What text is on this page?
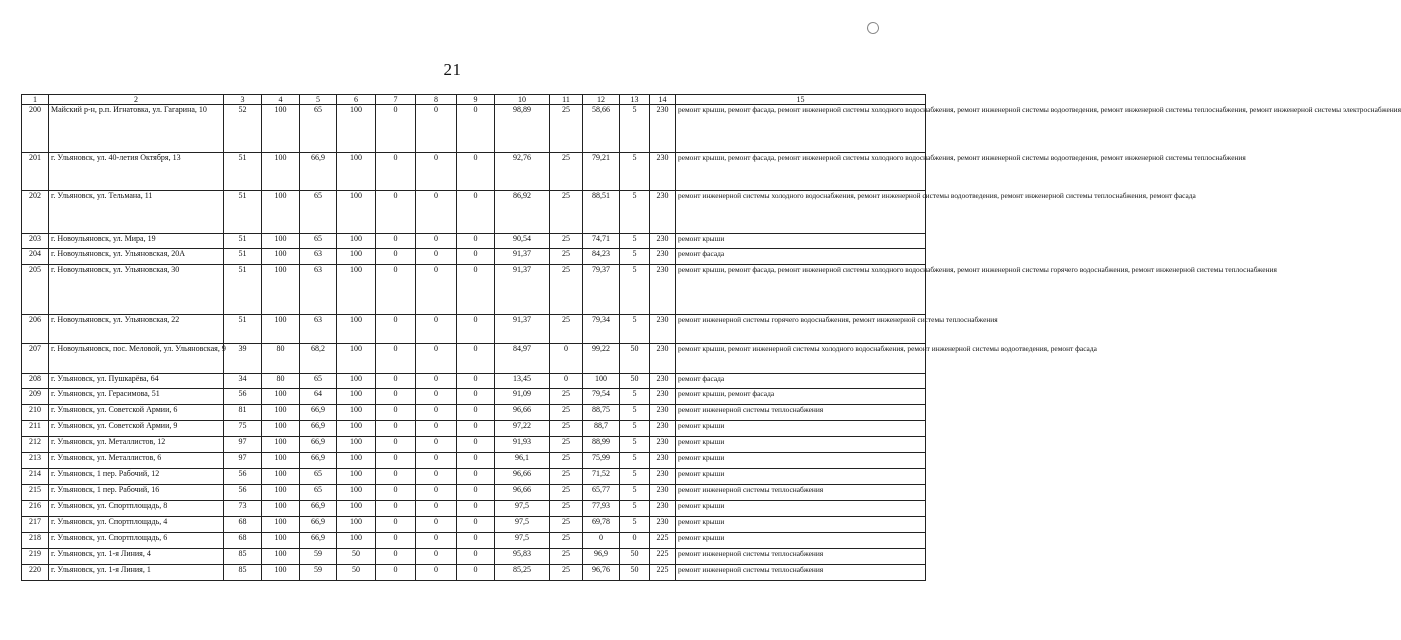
21
1	2	3	4	5	6	7	8	9	10	11	12	13	14	15
200	Майский р-н, р.п. Игнатовка, ул. Гагарина, 10	52	100	65	100	0	0	0	98,89	25	58,66	5	230	ремонт крыши, ремонт фасада, ремонт инженерной системы холодного водоснабжения, ремонт инженерной системы водоотведения, ремонт инженерной системы теплоснабжения, ремонт инженерной системы электроснабжения
201	г. Ульяновск, ул. 40-летия Октября, 13	51	100	66,9	100	0	0	0	92,76	25	79,21	5	230	ремонт крыши, ремонт фасада, ремонт инженерной системы холодного водоснабжения, ремонт инженерной системы водоотведения, ремонт инженерной системы теплоснабжения
202	г. Ульяновск, ул. Тельмана, 11	51	100	65	100	0	0	0	86,92	25	88,51	5	230	ремонт инженерной системы холодного водоснабжения, ремонт инженерной системы водоотведения, ремонт инженерной системы теплоснабжения, ремонт фасада
203	г. Новоульяновск, ул. Мира, 19	51	100	65	100	0	0	0	90,54	25	74,71	5	230	ремонт крыши
204	г. Новоульяновск, ул. Ульяновская, 20А	51	100	63	100	0	0	0	91,37	25	84,23	5	230	ремонт фасада
205	г. Новоульяновск, ул. Ульяновская, 30	51	100	63	100	0	0	0	91,37	25	79,37	5	230	ремонт крыши, ремонт фасада, ремонт инженерной системы холодного водоснабжения, ремонт инженерной системы горячего водоснабжения, ремонт инженерной системы теплоснабжения
206	г. Новоульяновск, ул. Ульяновская, 22	51	100	63	100	0	0	0	91,37	25	79,34	5	230	ремонт инженерной системы горячего водоснабжения, ремонт инженерной системы теплоснабжения
207	г. Новоульяновск, пос. Меловой, ул. Ульяновская, 9	39	80	68,2	100	0	0	0	84,97	0	99,22	50	230	ремонт крыши, ремонт инженерной системы холодного водоснабжения, ремонт инженерной системы водоотведения, ремонт фасада
208	г. Ульяновск, ул. Пушкарёва, 64	34	80	65	100	0	0	0	13,45	0	100	50	230	ремонт фасада
209	г. Ульяновск, ул. Герасимова, 51	56	100	64	100	0	0	0	91,09	25	79,54	5	230	ремонт крыши, ремонт фасада
210	г. Ульяновск, ул. Советской Армии, 6	81	100	66,9	100	0	0	0	96,66	25	88,75	5	230	ремонт инженерной системы теплоснабжения
211	г. Ульяновск, ул. Советской Армии, 9	75	100	66,9	100	0	0	0	97,22	25	88,7	5	230	ремонт крыши
212	г. Ульяновск, ул. Металлистов, 12	97	100	66,9	100	0	0	0	91,93	25	88,99	5	230	ремонт крыши
213	г. Ульяновск, ул. Металлистов, 6	97	100	66,9	100	0	0	0	96,1	25	75,99	5	230	ремонт крыши
214	г. Ульяновск, 1 пер. Рабочий, 12	56	100	65	100	0	0	0	96,66	25	71,52	5	230	ремонт крыши
215	г. Ульяновск, 1 пер. Рабочий, 16	56	100	65	100	0	0	0	96,66	25	65,77	5	230	ремонт инженерной системы теплоснабжения
216	г. Ульяновск, ул. Спортплощадь, 8	73	100	66,9	100	0	0	0	97,5	25	77,93	5	230	ремонт крыши
217	г. Ульяновск, ул. Спортплощадь, 4	68	100	66,9	100	0	0	0	97,5	25	69,78	5	230	ремонт крыши
218	г. Ульяновск, ул. Спортплощадь, 6	68	100	66,9	100	0	0	0	97,5	25	0	0	225	ремонт крыши
219	г. Ульяновск, ул. 1-я Линия, 4	85	100	59	50	0	0	0	95,83	25	96,9	50	225	ремонт инженерной системы теплоснабжения
220	г. Ульяновск, ул. 1-я Линия, 1	85	100	59	50	0	0	0	85,25	25	96,76	50	225	ремонт инженерной системы теплоснабжения
